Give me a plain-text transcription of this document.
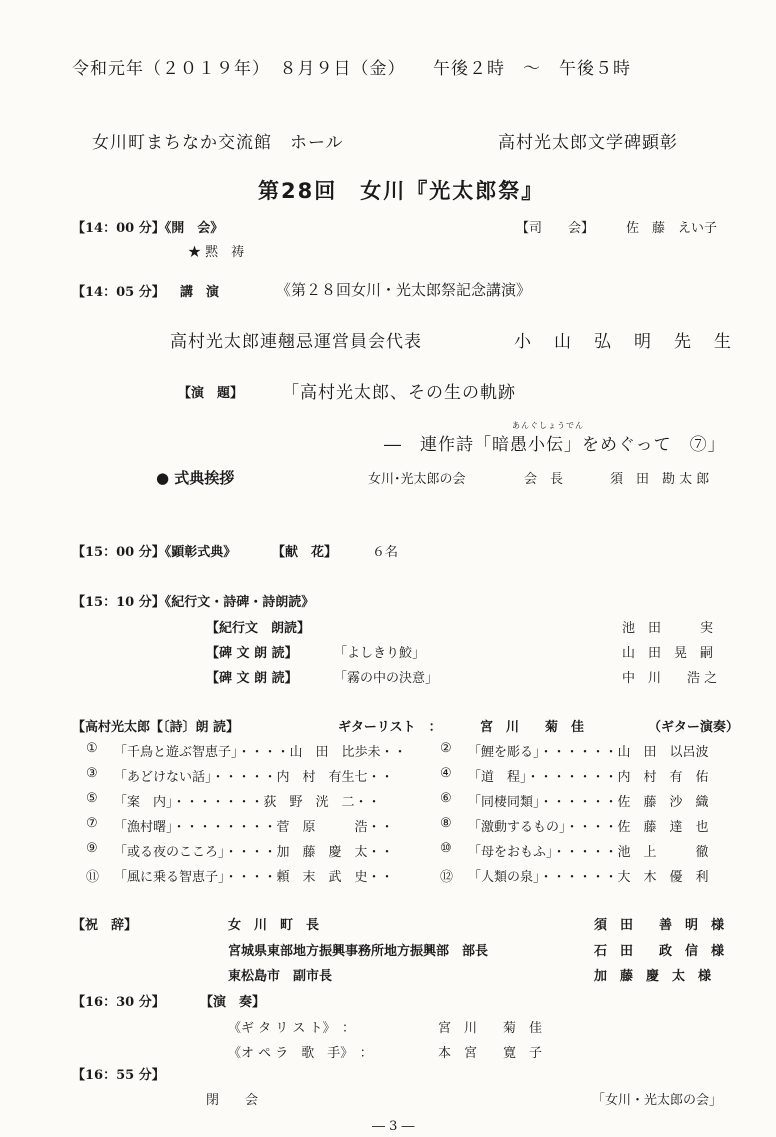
令和元年（２０１９年）　８月９日（金）　　午後２時　～　午後５時
女川町まちなか交流館　ホール	高村光太郎文学碑顕彰
第28回　女川『光太郎祭』
【14：00 分】《開　会》	【司　　会】 佐　藤　えい子
★ 黙　祷
【14：05 分】 講　演	《第２８回女川・光太郎祭記念講演》
高村光太郎連翹忌運営員会代表	小　山　弘　明　先　生
【演　題】 「高村光太郎、その生の軌跡
あんぐしょうでん
―　連作詩「暗愚小伝」をめぐって　⑦」
● 式典挨拶	女川･光太郎の会	会　長	須　田　勘 太 郎
【15：00 分】《顕彰式典》	【献　花】	６名
【15：10 分】《紀行文・詩碑・詩朗読》
【紀行文　朗読】	池　田　　　実
【碑 文 朗 読】	「よしきり鮫」	山　田　晃　嗣
【碑 文 朗 読】	「霧の中の決意」	中　川　　浩 之
【高村光太郎【〔詩〕朗 読】	ギターリスト　：	宮　川　　菊　佳	（ギター演奏）
① 「千鳥と遊ぶ智恵子」・・・・山　田　比歩未・・	② 「鯉を彫る」・・・・・・山　田　以呂波
③ 「あどけない話」・・・・・内　村　有生七・・	④ 「道　程」・・・・・・・内　村　有　佑
⑤ 「案　内」・・・・・・・荻　野　洸　二・・	⑥ 「同棲同類」・・・・・・佐　藤　沙　織
⑦ 「漁村曙」・・・・・・・・菅　原　　　浩・・	⑧ 「激動するもの」・・・・佐　藤　達　也
⑨ 「或る夜のこころ」・・・・加　藤　慶　太・・	⑩ 「母をおもふ」・・・・・池　上　　　徹
⑪ 「風に乗る智恵子」・・・・頼　末　武　史・・	⑫ 「人類の泉」・・・・・・大　木　優　利
【祝　辞】	女　川　町　長	須　田　　善　明　様
宮城県東部地方振興事務所地方振興部　部長	石　田　　政　信　様
東松島市　副市長	加　藤　慶　太　様
【16：30 分】	【演　奏】
《ギ タ リ ス ト》　：	宮　川　　菊　佳
《オ ペ ラ　歌　手》　：	本　宮　　寛　子
【16：55 分】
閉　　会	「女川・光太郎の会」
― 3 ―
